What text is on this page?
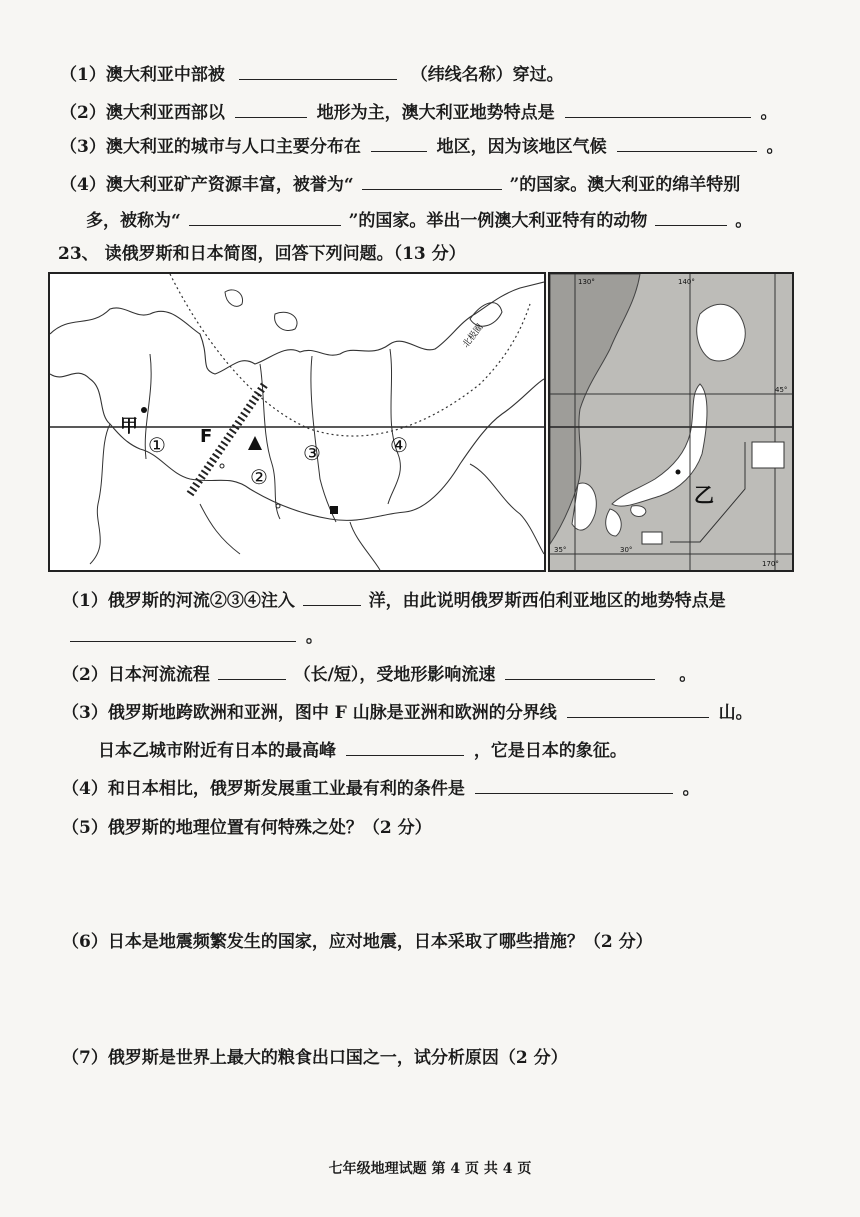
（1）澳大利亚中部被	（纬线名称）穿过。
（2）澳大利亚西部以	地形为主，澳大利亚地势特点是	。
（3）澳大利亚的城市与人口主要分布在	地区，因为该地区气候	。
（4）澳大利亚矿产资源丰富，被誉为“	”的国家。澳大利亚的绵羊特别
多，被称为“	”的国家。举出一例澳大利亚特有的动物	。
23、 读俄罗斯和日本简图，回答下列问题。（13 分）
甲	F
①
②
③	④
北极圈
乙
130°	140°
45°
35°	30°
170°
（1）俄罗斯的河流②③④注入	洋，由此说明俄罗斯西伯利亚地区的地势特点是
。
（2）日本河流流程	（长/短），受地形影响流速	。
（3）俄罗斯地跨欧洲和亚洲，图中 F 山脉是亚洲和欧洲的分界线	山。
日本乙城市附近有日本的最高峰	，它是日本的象征。
（4）和日本相比，俄罗斯发展重工业最有利的条件是	。
（5）俄罗斯的地理位置有何特殊之处？（2 分）
（6）日本是地震频繁发生的国家，应对地震，日本采取了哪些措施？（2 分）
（7）俄罗斯是世界上最大的粮食出口国之一，试分析原因（2 分）
七年级地理试题 第 4 页 共 4 页
